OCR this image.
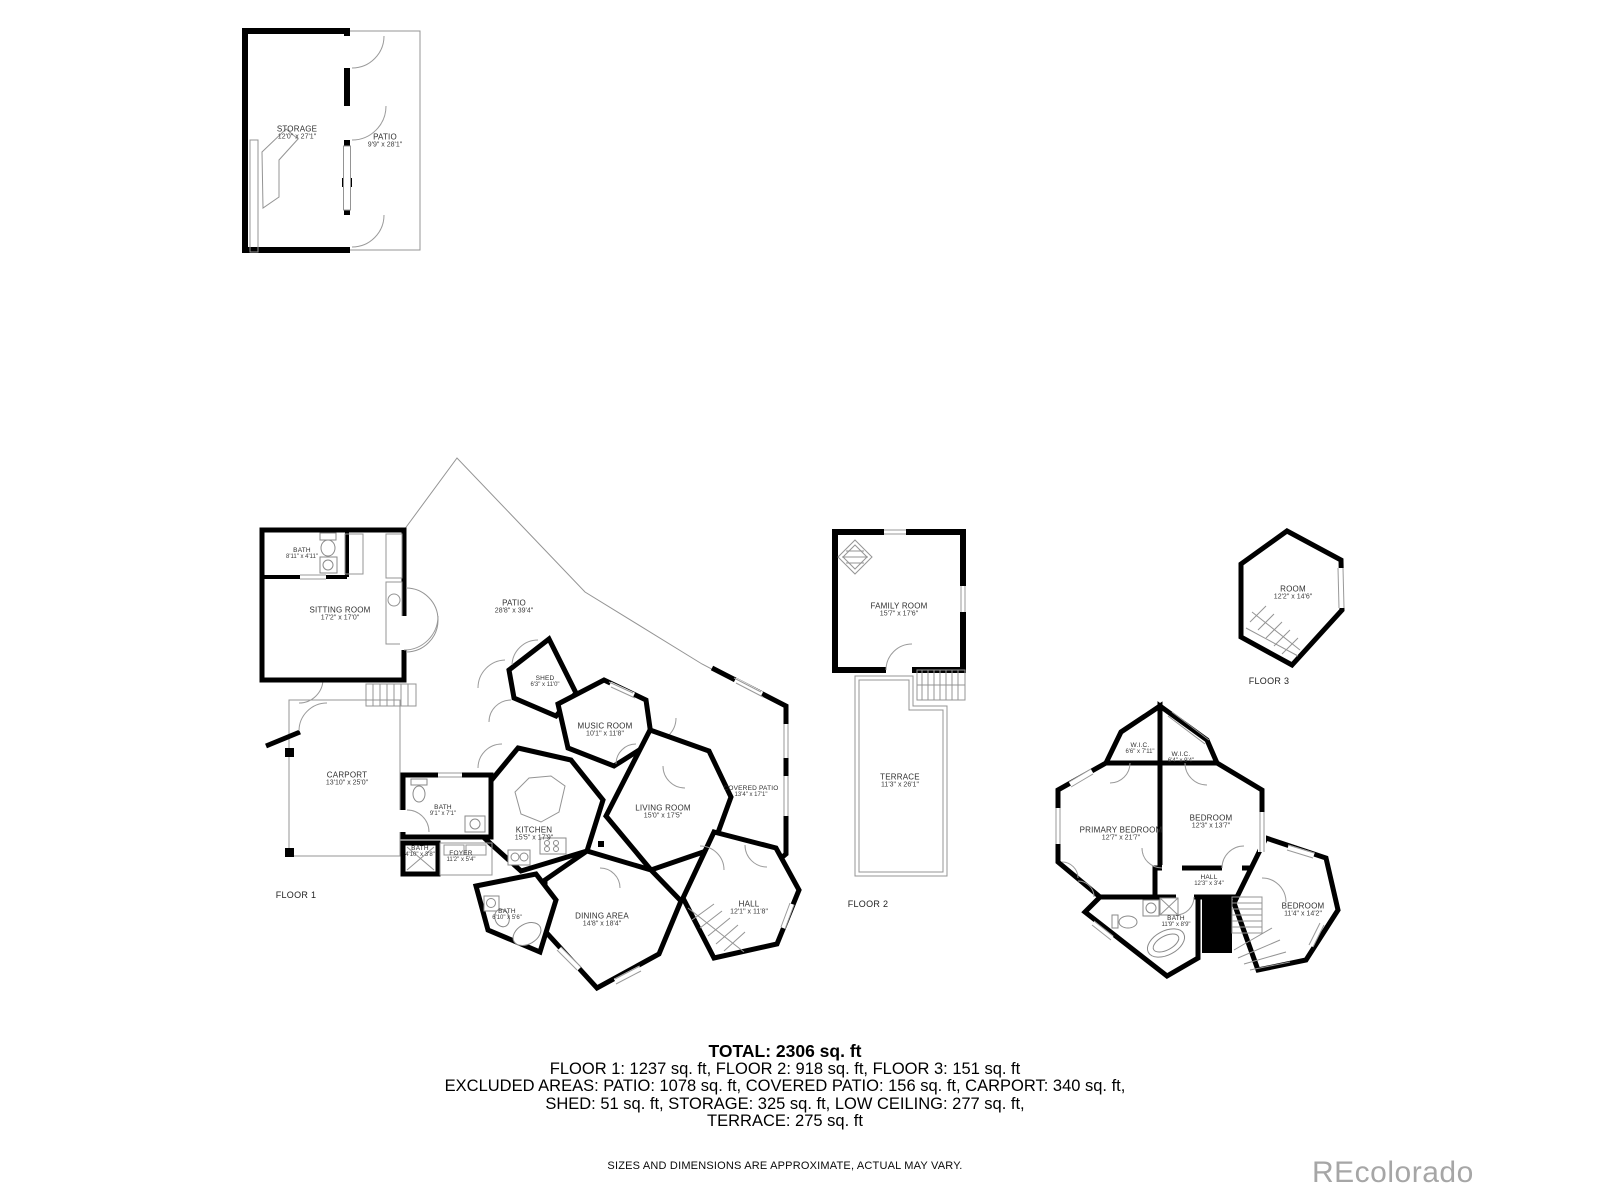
STORAGE
12'0" x 27'1"	PATIO
9'9" x 28'1"
BATH
8'11" x 4'11"
SITTING ROOM
17'2" x 17'0"
CARPORT
13'10" x 25'0"
BATH
9'1" x 7'1"
BATH
4'10" x 3'8"	FOYER
11'2" x 5'4"
PATIO
28'8" x 39'4"
SHED
6'3" x 11'0"
MUSIC ROOM
10'1" x 11'8"
KITCHEN
15'5" x 17'9"
LIVING ROOM
15'0" x 17'5"
COVERED PATIO
13'4" x 17'1"
DINING AREA
14'8" x 18'4"
HALL
12'1" x 11'8"
BATH
6'10" x 5'6"
FAMILY ROOM
15'7" x 17'6"
TERRACE
11'3" x 26'1"
W.I.C.
6'6" x 7'11"	W.I.C.
6'4" x 9'4"
PRIMARY BEDROOM
12'7" x 21'7"
BEDROOM
12'3" x 13'7"
HALL
12'3" x 3'4"
BATH
11'9" x 8'9"
BEDROOM
11'4" x 14'2"
ROOM
12'2" x 14'6"
FLOOR 1
FLOOR 2
FLOOR 3
TOTAL: 2306 sq. ft
FLOOR 1: 1237 sq. ft, FLOOR 2: 918 sq. ft, FLOOR 3: 151 sq. ft
EXCLUDED AREAS: PATIO: 1078 sq. ft, COVERED PATIO: 156 sq. ft, CARPORT: 340 sq. ft,
SHED: 51 sq. ft, STORAGE: 325 sq. ft, LOW CEILING: 277 sq. ft,
TERRACE: 275 sq. ft
SIZES AND DIMENSIONS ARE APPROXIMATE, ACTUAL MAY VARY.	REcolorado
